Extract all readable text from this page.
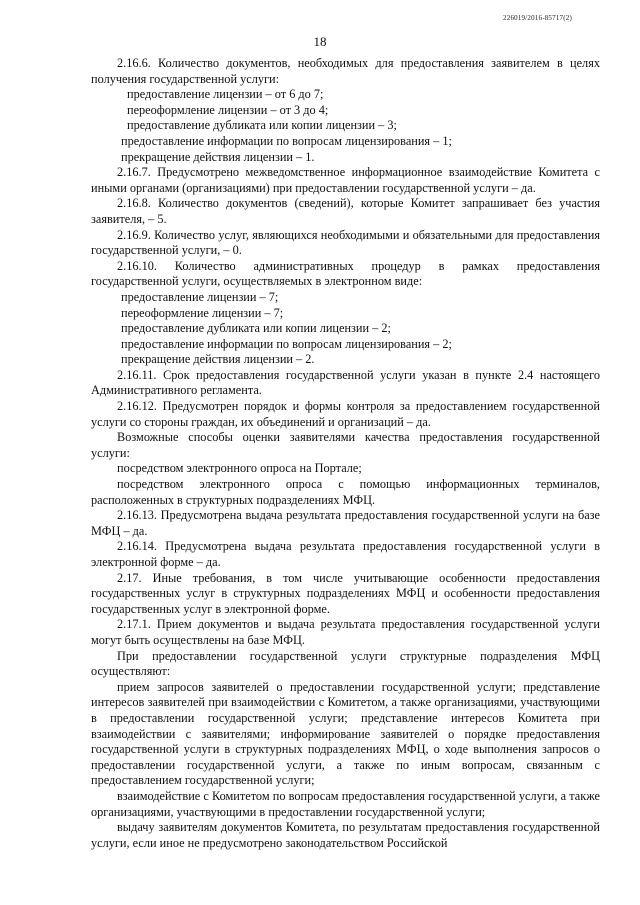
226019/2016-85717(2)
18

2.16.6. Количество документов, необходимых для предоставления заявителем в целях получения государственной услуги:

предоставление лицензии – от 6 до 7;

переоформление лицензии – от 3 до 4;

предоставление дубликата или копии лицензии – 3;

предоставление информации по вопросам лицензирования – 1;

прекращение действия лицензии – 1.

2.16.7. Предусмотрено межведомственное информационное взаимодействие Комитета с иными органами (организациями) при предоставлении государственной услуги – да.

2.16.8. Количество документов (сведений), которые Комитет запрашивает без участия заявителя, – 5.

2.16.9. Количество услуг, являющихся необходимыми и обязательными для предоставления государственной услуги, – 0.

2.16.10. Количество административных процедур в рамках предоставления государственной услуги, осуществляемых в электронном виде:

предоставление лицензии – 7;

переоформление лицензии – 7;

предоставление дубликата или копии лицензии – 2;

предоставление информации по вопросам лицензирования – 2;

прекращение действия лицензии – 2.

2.16.11. Срок предоставления государственной услуги указан в пункте 2.4 настоящего Административного регламента.

2.16.12. Предусмотрен порядок и формы контроля за предоставлением государственной услуги со стороны граждан, их объединений и организаций – да.

Возможные способы оценки заявителями качества предоставления государственной услуги:

посредством электронного опроса на Портале;

посредством электронного опроса с помощью информационных терминалов, расположенных в структурных подразделениях МФЦ.

2.16.13. Предусмотрена выдача результата предоставления государственной услуги на базе МФЦ – да.

2.16.14. Предусмотрена выдача результата предоставления государственной услуги в электронной форме – да.

2.17. Иные требования, в том числе учитывающие особенности предоставления государственных услуг в структурных подразделениях МФЦ и особенности предоставления государственных услуг в электронной форме.

2.17.1. Прием документов и выдача результата предоставления государственной услуги могут быть осуществлены на базе МФЦ.

При предоставлении государственной услуги структурные подразделения МФЦ осуществляют:

прием запросов заявителей о предоставлении государственной услуги; представление интересов заявителей при взаимодействии с Комитетом, а также организациями, участвующими в предоставлении государственной услуги; представление интересов Комитета при взаимодействии с заявителями; информирование заявителей о порядке предоставления государственной услуги в структурных подразделениях МФЦ, о ходе выполнения запросов о предоставлении государственной услуги, а также по иным вопросам, связанным с предоставлением государственной услуги;

взаимодействие с Комитетом по вопросам предоставления государственной услуги, а также организациями, участвующими в предоставлении государственной услуги;

выдачу заявителям документов Комитета, по результатам предоставления государственной услуги, если иное не предусмотрено законодательством Российской
